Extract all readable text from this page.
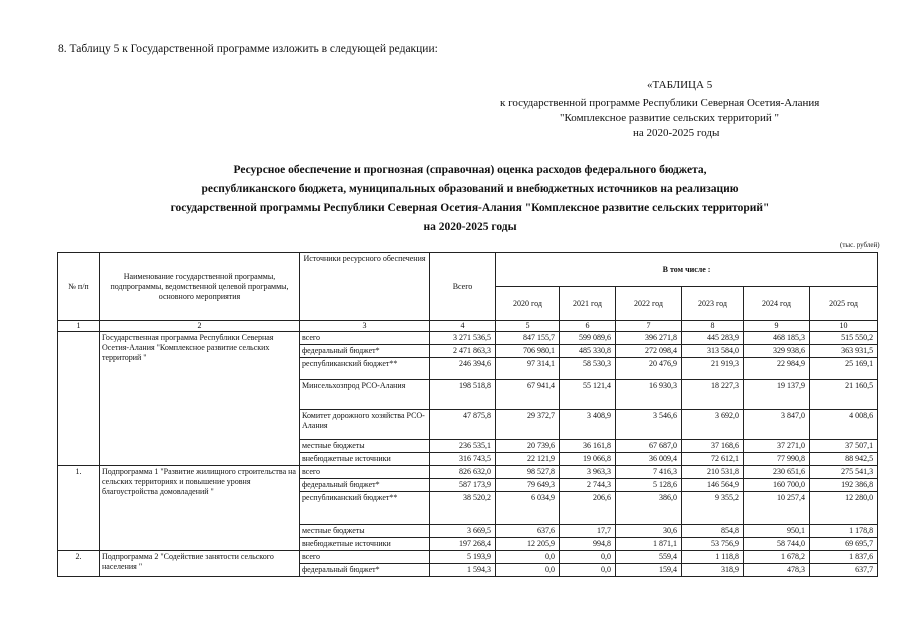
8. Таблицу 5 к Государственной программе изложить в следующей редакции:
«ТАБЛИЦА 5
к государственной программе Республики Северная Осетия-Алания
"Комплексное развитие сельских территорий "
на 2020-2025 годы
Ресурсное обеспечение и прогнозная (справочная) оценка расходов федерального бюджета,
республиканского бюджета, муниципальных образований и внебюджетных источников на реализацию
государственной программы Республики Северная Осетия-Алания "Комплексное развитие сельских территорий"
на 2020-2025 годы
(тыс. рублей)
№ п/п	Наименование государственной программы, подпрограммы, ведомственной целевой программы, основного мероприятия	Источники ресурсного обеспечения	Всего	В том числе :					
				2020 год	2021 год	2022 год	2023 год	2024 год	2025 год
1	2	3	4	5	6	7	8	9	10
	Государственная программа Республики Северная Осетия-Алания "Комплексное развитие сельских территорий "	всего	3 271 536,5	847 155,7	599 089,6	396 271,8	445 283,9	468 185,3	515 550,2
		федеральный бюджет*	2 471 863,3	706 980,1	485 330,8	272 098,4	313 584,0	329 938,6	363 931,5
		республиканский бюджет**	246 394,6	97 314,1	58 530,3	20 476,9	21 919,3	22 984,9	25 169,1
		Минсельхозпрод РСО-Алания	198 518,8	67 941,4	55 121,4	16 930,3	18 227,3	19 137,9	21 160,5
		Комитет дорожного хозяйства РСО-Алания	47 875,8	29 372,7	3 408,9	3 546,6	3 692,0	3 847,0	4 008,6
		местные бюджеты	236 535,1	20 739,6	36 161,8	67 687,0	37 168,6	37 271,0	37 507,1
		внебюджетные источники	316 743,5	22 121,9	19 066,8	36 009,4	72 612,1	77 990,8	88 942,5
1.	Подпрограмма 1 "Развитие жилищного строительства на сельских территориях и повышение уровня благоустройства домовладений "	всего	826 632,0	98 527,8	3 963,3	7 416,3	210 531,8	230 651,6	275 541,3
		федеральный бюджет*	587 173,9	79 649,3	2 744,3	5 128,6	146 564,9	160 700,0	192 386,8
		республиканский бюджет**	38 520,2	6 034,9	206,6	386,0	9 355,2	10 257,4	12 280,0
		местные бюджеты	3 669,5	637,6	17,7	30,6	854,8	950,1	1 178,8
		внебюджетные источники	197 268,4	12 205,9	994,8	1 871,1	53 756,9	58 744,0	69 695,7
2.	Подпрограмма 2 "Содействие занятости сельского населения "	всего	5 193,9	0,0	0,0	559,4	1 118,8	1 678,2	1 837,6
		федеральный бюджет*	1 594,3	0,0	0,0	159,4	318,9	478,3	637,7
